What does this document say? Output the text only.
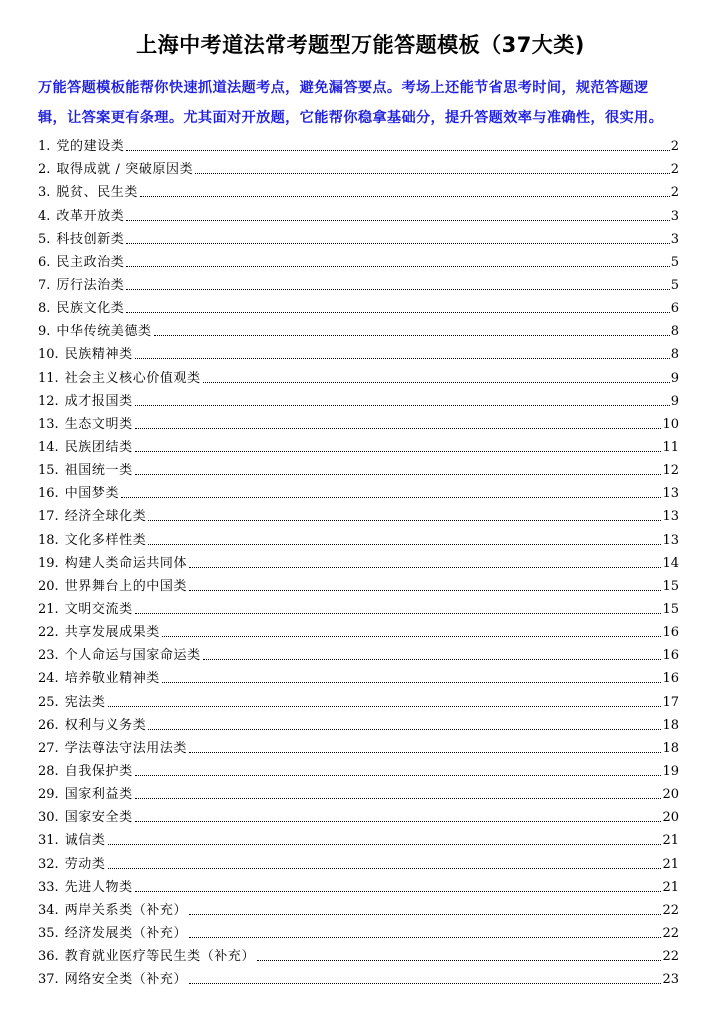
上海中考道法常考题型万能答题模板（37大类)
万能答题模板能帮你快速抓道法题考点，避免漏答要点。考场上还能节省思考时间，规范答题逻
辑，让答案更有条理。尤其面对开放题，它能帮你稳拿基础分，提升答题效率与准确性，很实用。
1. 党的建设类	2
2. 取得成就 / 突破原因类	2
3. 脱贫、民生类	2
4. 改革开放类	3
5. 科技创新类	3
6. 民主政治类	5
7. 厉行法治类	5
8. 民族文化类	6
9. 中华传统美德类	8
10. 民族精神类	8
11. 社会主义核心价值观类	9
12. 成才报国类	9
13. 生态文明类	10
14. 民族团结类	11
15. 祖国统一类	12
16. 中国梦类	13
17. 经济全球化类	13
18. 文化多样性类	13
19. 构建人类命运共同体	14
20. 世界舞台上的中国类	15
21. 文明交流类	15
22. 共享发展成果类	16
23. 个人命运与国家命运类	16
24. 培养敬业精神类	16
25. 宪法类	17
26. 权利与义务类	18
27. 学法尊法守法用法类	18
28. 自我保护类	19
29. 国家利益类	20
30. 国家安全类	20
31. 诚信类	21
32. 劳动类	21
33. 先进人物类	21
34. 两岸关系类（补充）	22
35. 经济发展类（补充）	22
36. 教育就业医疗等民生类（补充）	22
37. 网络安全类（补充）	23
